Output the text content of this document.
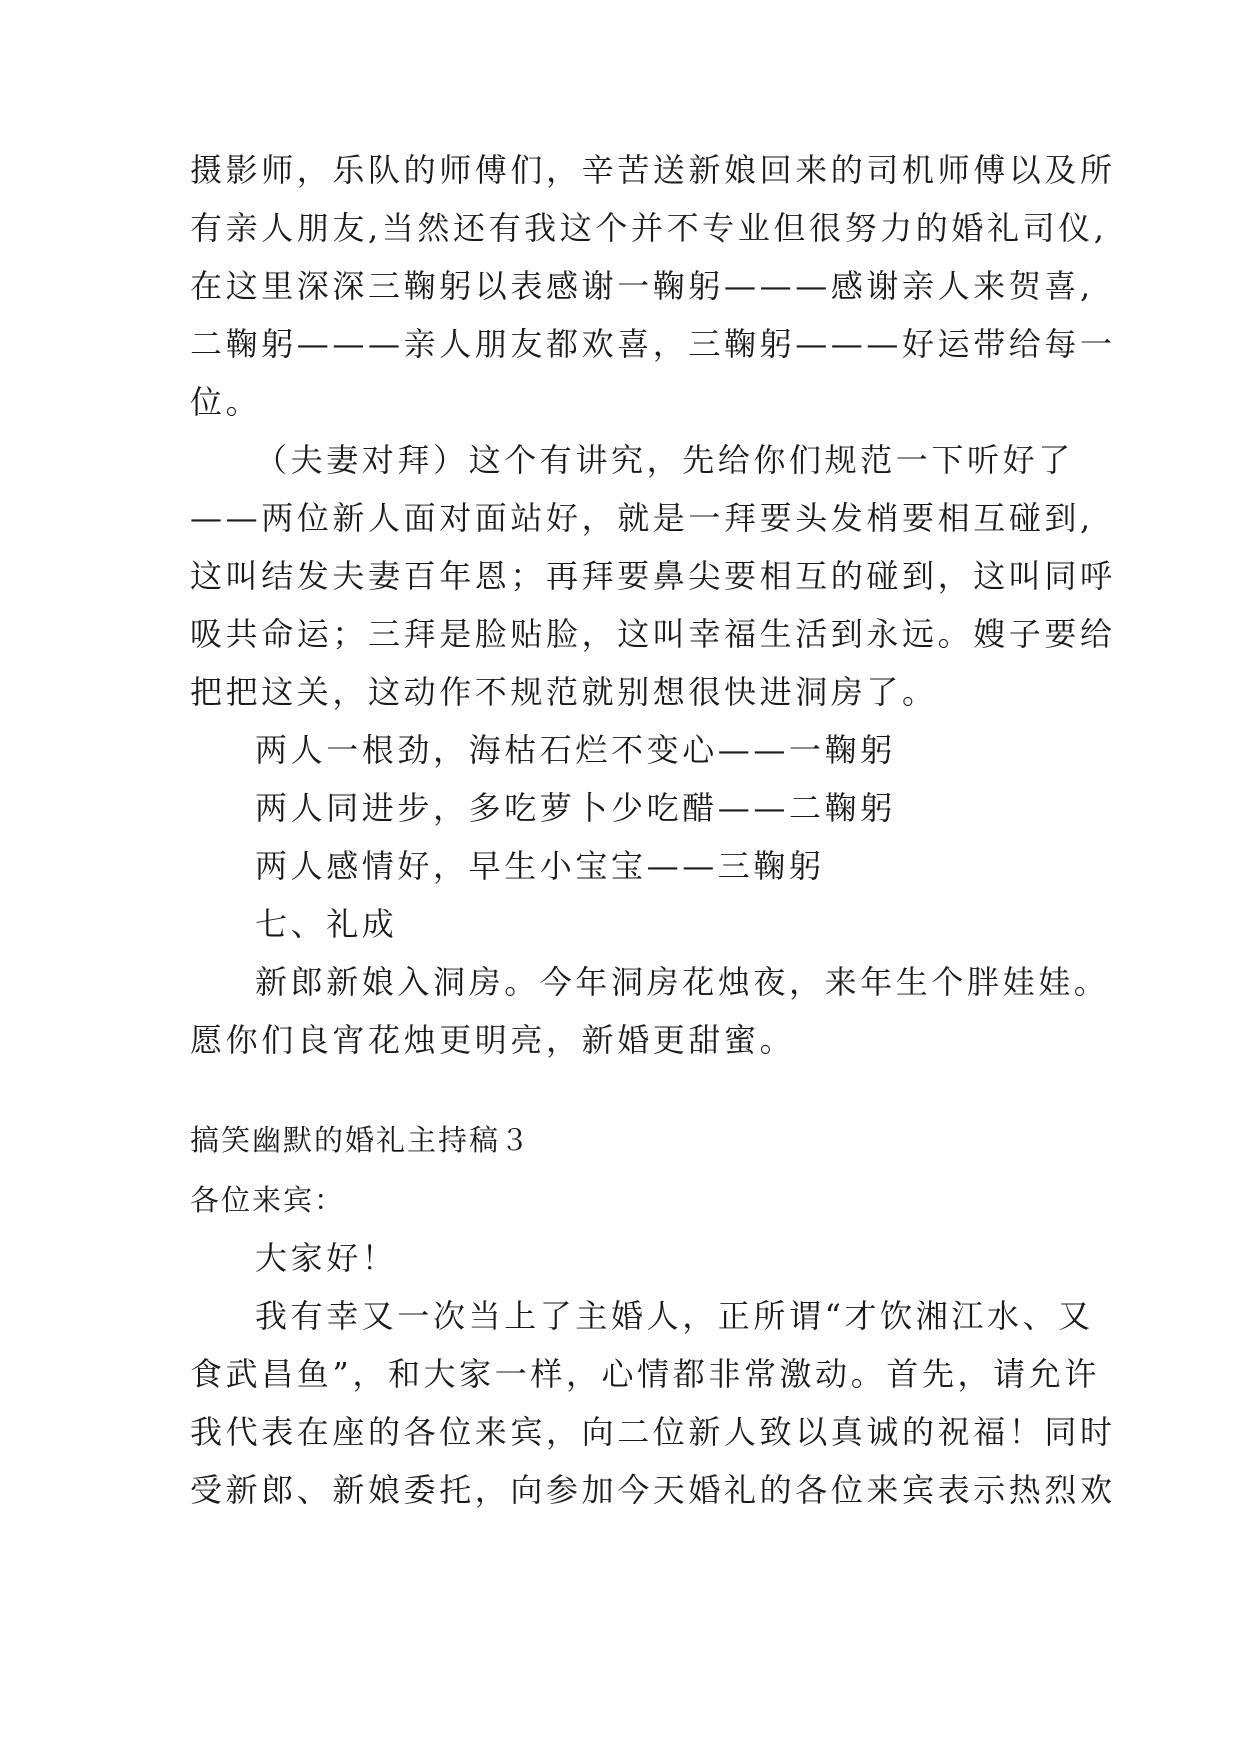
摄影师，乐队的师傅们，辛苦送新娘回来的司机师傅以及所
有亲人朋友,当然还有我这个并不专业但很努力的婚礼司仪,
在这里深深三鞠躬以表感谢一鞠躬———感谢亲人来贺喜,
二鞠躬———亲人朋友都欢喜，三鞠躬———好运带给每一
位。
（夫妻对拜）这个有讲究，先给你们规范一下听好了
——两位新人面对面站好，就是一拜要头发梢要相互碰到,
这叫结发夫妻百年恩；再拜要鼻尖要相互的碰到，这叫同呼
吸共命运；三拜是脸贴脸，这叫幸福生活到永远。嫂子要给
把把这关，这动作不规范就别想很快进洞房了。
两人一根劲，海枯石烂不变心——一鞠躬
两人同进步，多吃萝卜少吃醋——二鞠躬
两人感情好，早生小宝宝——三鞠躬
七、礼成
新郎新娘入洞房。今年洞房花烛夜，来年生个胖娃娃。
愿你们良宵花烛更明亮，新婚更甜蜜。
搞笑幽默的婚礼主持稿３
各位来宾：
大家好！
我有幸又一次当上了主婚人，正所谓“才饮湘江水、又
食武昌鱼”，和大家一样，心情都非常激动。首先，请允许
我代表在座的各位来宾，向二位新人致以真诚的祝福！同时
受新郎、新娘委托，向参加今天婚礼的各位来宾表示热烈欢
